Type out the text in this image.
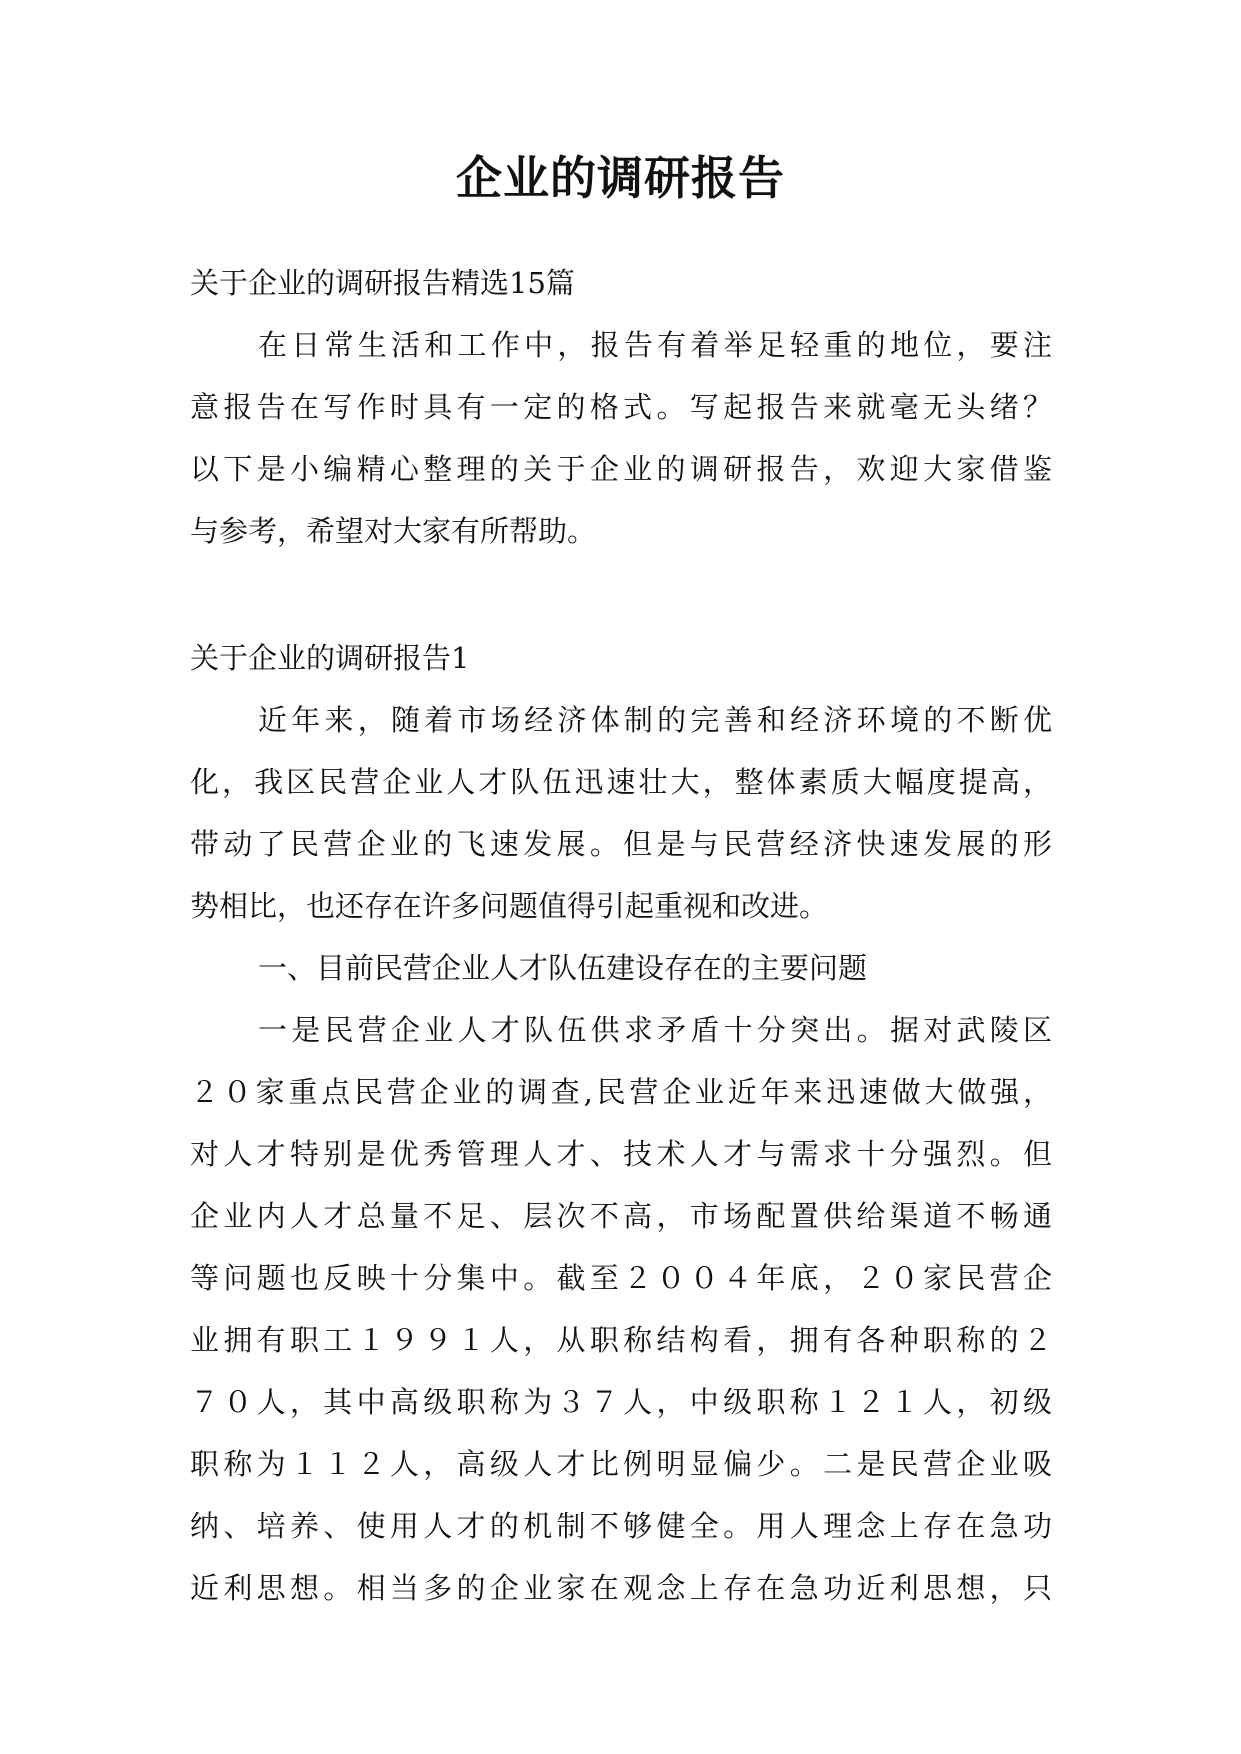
企业的调研报告
关于企业的调研报告精选15篇
在日常生活和工作中，报告有着举足轻重的地位，要注
意报告在写作时具有一定的格式。写起报告来就毫无头绪？
以下是小编精心整理的关于企业的调研报告，欢迎大家借鉴
与参考，希望对大家有所帮助。
关于企业的调研报告1
近年来，随着市场经济体制的完善和经济环境的不断优
化，我区民营企业人才队伍迅速壮大，整体素质大幅度提高，
带动了民营企业的飞速发展。但是与民营经济快速发展的形
势相比，也还存在许多问题值得引起重视和改进。
一、目前民营企业人才队伍建设存在的主要问题
一是民营企业人才队伍供求矛盾十分突出。据对武陵区
２０家重点民营企业的调查,民营企业近年来迅速做大做强，
对人才特别是优秀管理人才、技术人才与需求十分强烈。但
企业内人才总量不足、层次不高，市场配置供给渠道不畅通
等问题也反映十分集中。截至２００４年底，２０家民营企
业拥有职工１９９１人，从职称结构看，拥有各种职称的２
７０人，其中高级职称为３７人，中级职称１２１人，初级
职称为１１２人，高级人才比例明显偏少。二是民营企业吸
纳、培养、使用人才的机制不够健全。用人理念上存在急功
近利思想。相当多的企业家在观念上存在急功近利思想，只
